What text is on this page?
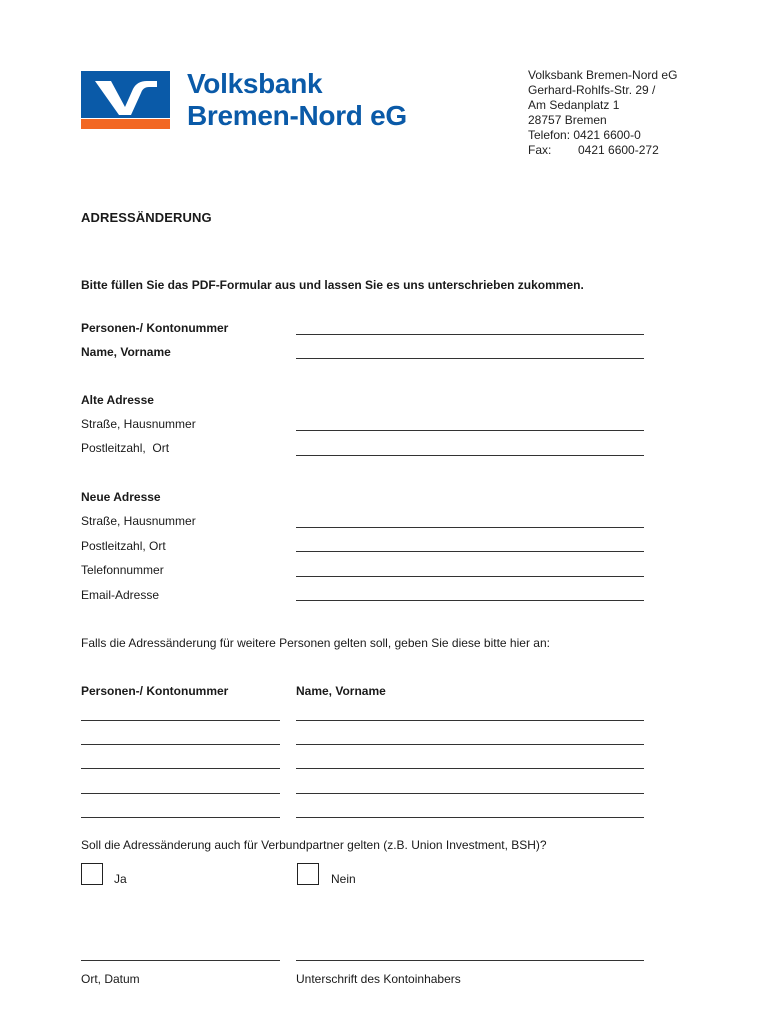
Volksbank
Bremen-Nord eG
Volksbank Bremen-Nord eG
Gerhard-Rohlfs-Str. 29 /
Am Sedanplatz 1
28757 Bremen
Telefon: 0421 6600-0
Fax:        0421 6600-272
ADRESSÄNDERUNG
Bitte füllen Sie das PDF-Formular aus und lassen Sie es uns unterschrieben zukommen.
Personen-/ Kontonummer
Name, Vorname
Alte Adresse
Straße, Hausnummer
Postleitzahl,  Ort
Neue Adresse
Straße, Hausnummer
Postleitzahl, Ort
Telefonnummer
Email-Adresse
Falls die Adressänderung für weitere Personen gelten soll, geben Sie diese bitte hier an:
Personen-/ Kontonummer	Name, Vorname
Soll die Adressänderung auch für Verbundpartner gelten (z.B. Union Investment, BSH)?
Ja	Nein
Ort, Datum	Unterschrift des Kontoinhabers
